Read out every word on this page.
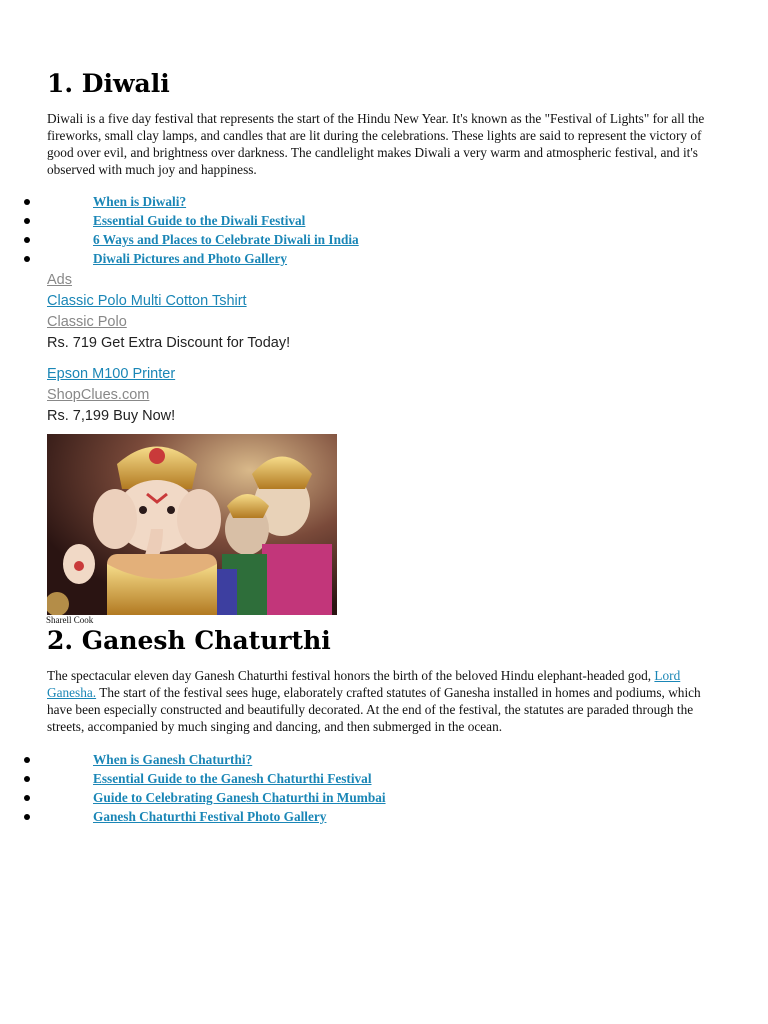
1. Diwali

Diwali is a five day festival that represents the start of the Hindu New Year. It's known as the "Festival of Lights" for all the fireworks, small clay lamps, and candles that are lit during the celebrations. These lights are said to represent the victory of good over evil, and brightness over darkness. The candlelight makes Diwali a very warm and atmospheric festival, and it's observed with much joy and happiness.

When is Diwali?
Essential Guide to the Diwali Festival
6 Ways and Places to Celebrate Diwali in India
Diwali Pictures and Photo Gallery
Ads
Classic Polo Multi Cotton Tshirt
Classic Polo

Rs. 719 Get Extra Discount for Today!

Epson M100 Printer
ShopClues.com

Rs. 7,199 Buy Now!

Sharell Cook

2. Ganesh Chaturthi

The spectacular eleven day Ganesh Chaturthi festival honors the birth of the beloved Hindu elephant-headed god, Lord Ganesha. The start of the festival sees huge, elaborately crafted statutes of Ganesha installed in homes and podiums, which have been especially constructed and beautifully decorated. At the end of the festival, the statutes are paraded through the streets, accompanied by much singing and dancing, and then submerged in the ocean.

When is Ganesh Chaturthi?
Essential Guide to the Ganesh Chaturthi Festival
Guide to Celebrating Ganesh Chaturthi in Mumbai
Ganesh Chaturthi Festival Photo Gallery
